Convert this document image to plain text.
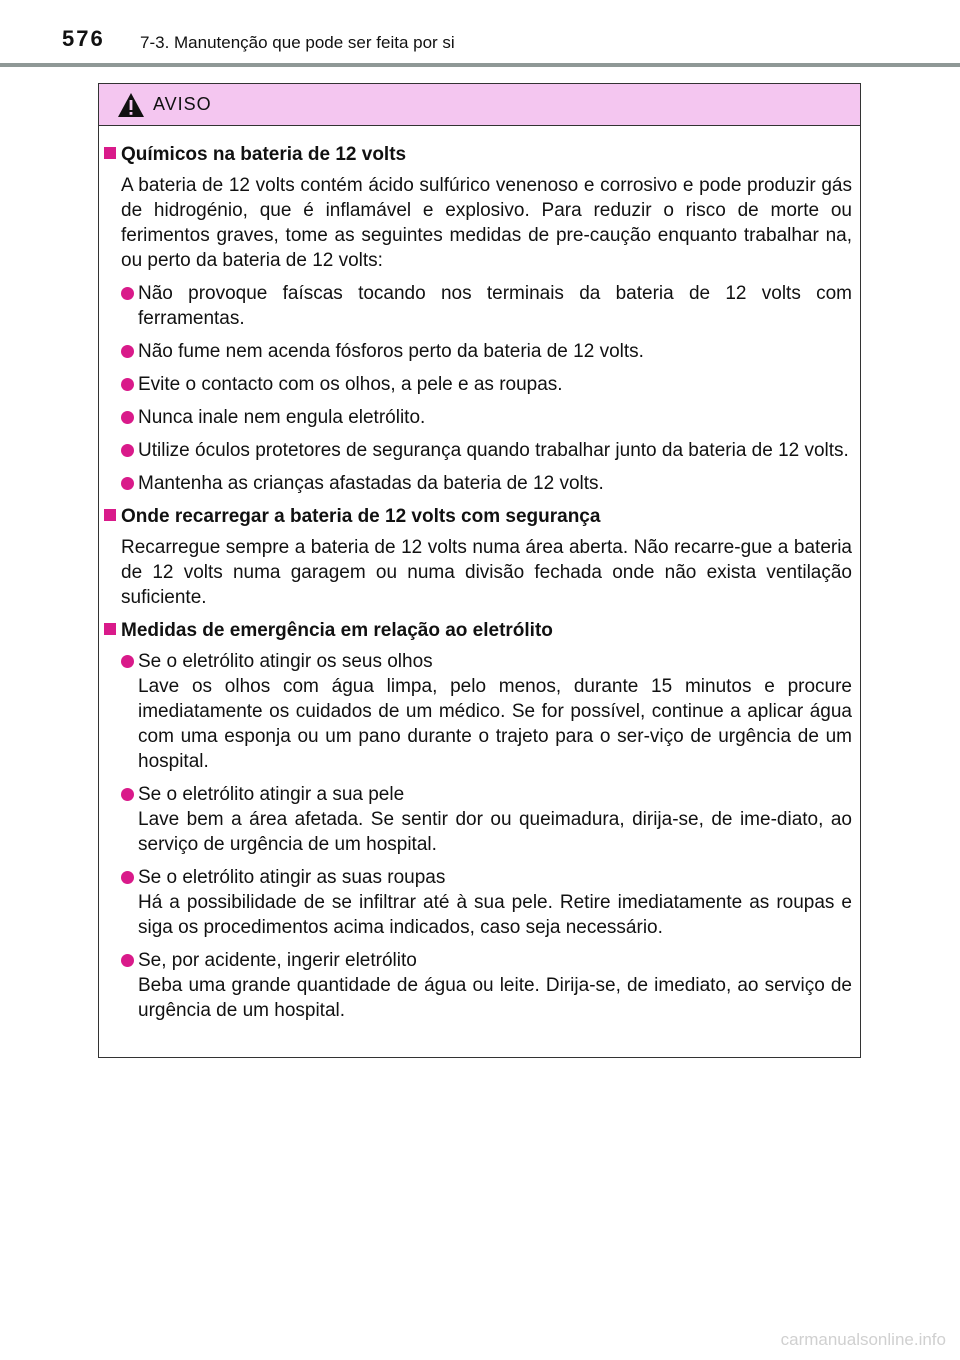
576 7-3. Manutenção que pode ser feita por si
AVISO
Químicos na bateria de 12 volts
A bateria de 12 volts contém ácido sulfúrico venenoso e corrosivo e pode produzir gás de hidrogénio, que é inflamável e explosivo. Para reduzir o risco de morte ou ferimentos graves, tome as seguintes medidas de pre-caução enquanto trabalhar na, ou perto da bateria de 12 volts:
Não provoque faíscas tocando nos terminais da bateria de 12 volts com ferramentas.
Não fume nem acenda fósforos perto da bateria de 12 volts.
Evite o contacto com os olhos, a pele e as roupas.
Nunca inale nem engula eletrólito.
Utilize óculos protetores de segurança quando trabalhar junto da bateria de 12 volts.
Mantenha as crianças afastadas da bateria de 12 volts.
Onde recarregar a bateria de 12 volts com segurança
Recarregue sempre a bateria de 12 volts numa área aberta. Não recarre-gue a bateria de 12 volts numa garagem ou numa divisão fechada onde não exista ventilação suficiente.
Medidas de emergência em relação ao eletrólito
Se o eletrólito atingir os seus olhos
Lave os olhos com água limpa, pelo menos, durante 15 minutos e procure imediatamente os cuidados de um médico. Se for possível, continue a aplicar água com uma esponja ou um pano durante o trajeto para o ser-viço de urgência de um hospital.
Se o eletrólito atingir a sua pele
Lave bem a área afetada. Se sentir dor ou queimadura, dirija-se, de ime-diato, ao serviço de urgência de um hospital.
Se o eletrólito atingir as suas roupas
Há a possibilidade de se infiltrar até à sua pele. Retire imediatamente as roupas e siga os procedimentos acima indicados, caso seja necessário.
Se, por acidente, ingerir eletrólito
Beba uma grande quantidade de água ou leite. Dirija-se, de imediato, ao serviço de urgência de um hospital.
carmanualsonline.info
